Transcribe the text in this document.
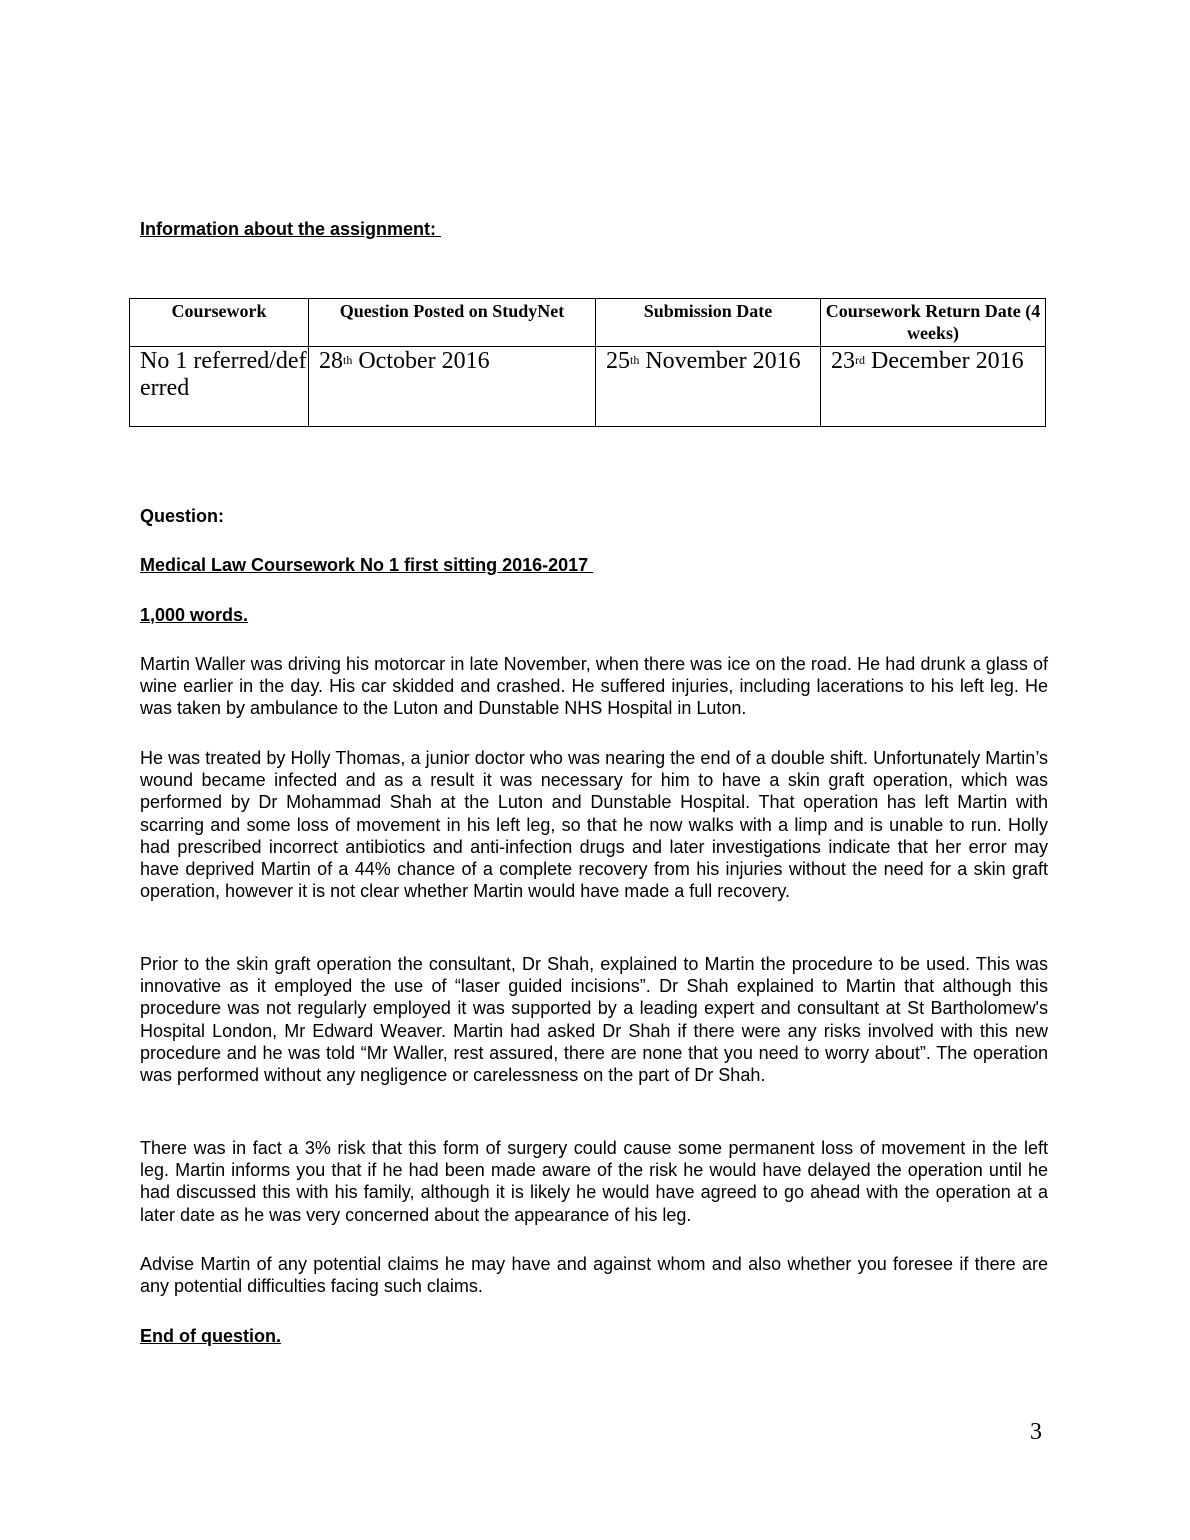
Information about the assignment:
Coursework	Question Posted on StudyNet	Submission Date	Coursework Return Date (4 weeks)
No 1 referred/deferred	28th October 2016	25th November 2016	23rd December 2016
Question:
Medical Law Coursework No 1 first sitting 2016-2017
1,000 words.
Martin Waller was driving his motorcar in late November, when there was ice on the road. He had drunk a glass of wine earlier in the day. His car skidded and crashed. He suffered injuries, including lacerations to his left leg. He was taken by ambulance to the Luton and Dunstable NHS Hospital in Luton.
He was treated by Holly Thomas, a junior doctor who was nearing the end of a double shift. Unfortunately Martin’s wound became infected and as a result it was necessary for him to have a skin graft operation, which was performed by Dr Mohammad Shah at the Luton and Dunstable Hospital. That operation has left Martin with scarring and some loss of movement in his left leg, so that he now walks with a limp and is unable to run. Holly had prescribed incorrect antibiotics and anti-infection drugs and later investigations indicate that her error may have deprived Martin of a 44% chance of a complete recovery from his injuries without the need for a skin graft operation, however it is not clear whether Martin would have made a full recovery.
Prior to the skin graft operation the consultant, Dr Shah, explained to Martin the procedure to be used. This was innovative as it employed the use of “laser guided incisions”. Dr Shah explained to Martin that although this procedure was not regularly employed it was supported by a leading expert and consultant at St Bartholomew's Hospital London, Mr Edward Weaver. Martin had asked Dr Shah if there were any risks involved with this new procedure and he was told “Mr Waller, rest assured, there are none that you need to worry about”. The operation was performed without any negligence or carelessness on the part of Dr Shah.
There was in fact a 3% risk that this form of surgery could cause some permanent loss of movement in the left leg. Martin informs you that if he had been made aware of the risk he would have delayed the operation until he had discussed this with his family, although it is likely he would have agreed to go ahead with the operation at a later date as he was very concerned about the appearance of his leg.
Advise Martin of any potential claims he may have and against whom and also whether you foresee if there are any potential difficulties facing such claims.
End of question.
3
